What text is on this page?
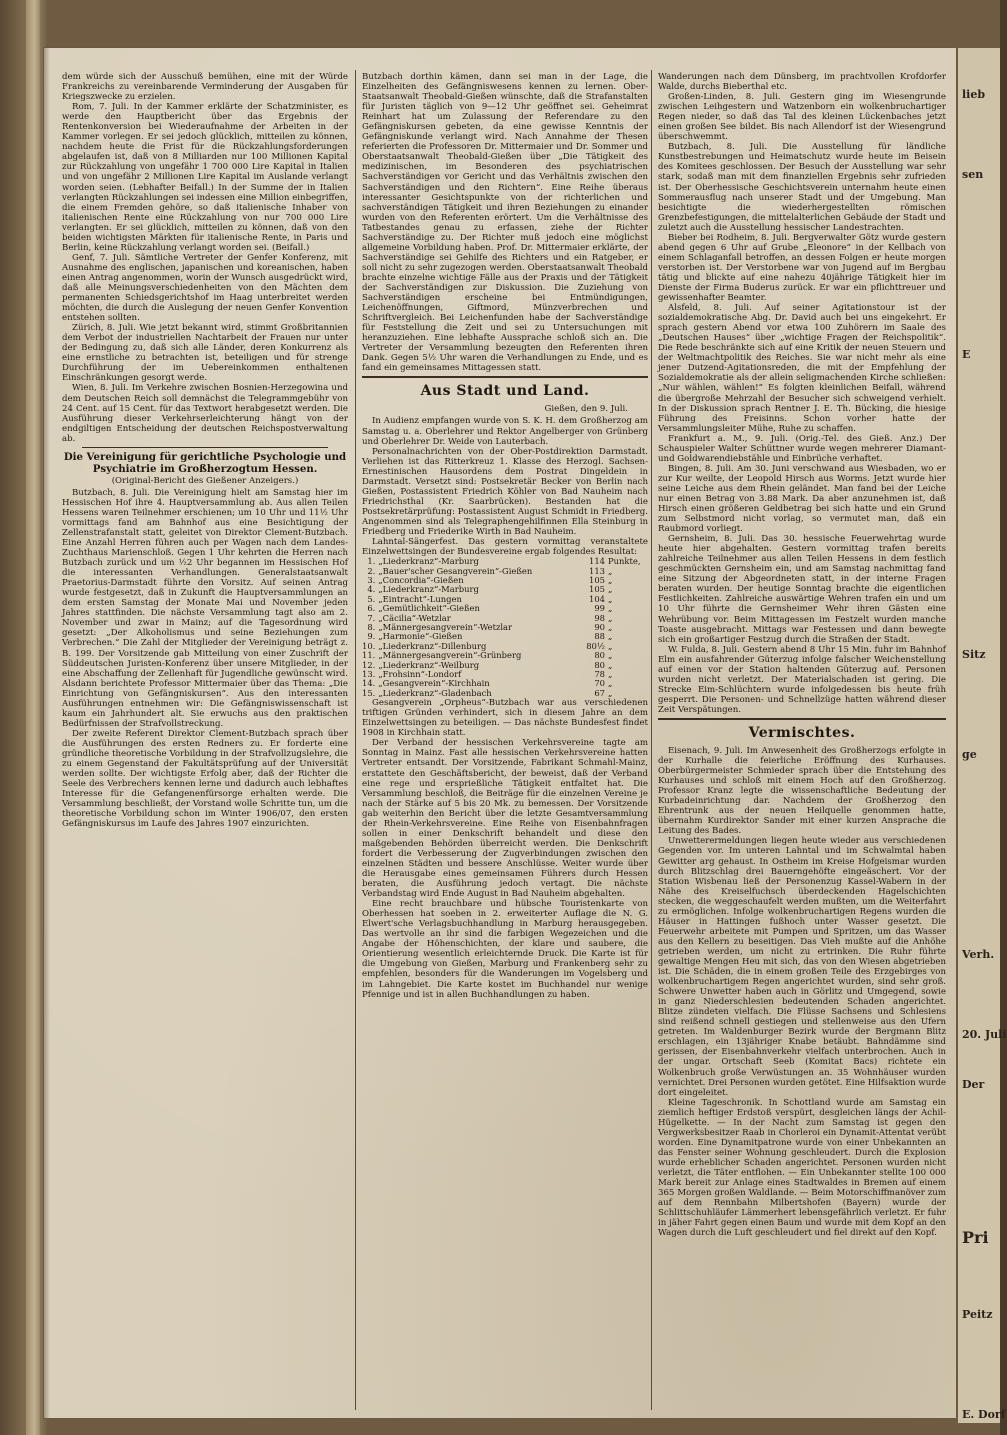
dem würde sich der Ausschuß bemühen, eine mit der Würde Frankreichs zu vereinbarende Verminderung der Ausgaben für Kriegszwecke zu erzielen.

Rom, 7. Juli. In der Kammer erklärte der Schatzminister, es werde den Hauptbericht über das Ergebnis der Rentenkonversion bei Wiederaufnahme der Arbeiten in der Kammer vorlegen. Er sei jedoch glücklich, mitteilen zu können, nachdem heute die Frist für die Rückzahlungsforderungen abgelaufen ist, daß von 8 Milliarden nur 100 Millionen Kapital zur Rückzahlung von ungefähr 1 700 000 Lire Kapital in Italien und von ungefähr 2 Millionen Lire Kapital im Auslande verlangt worden seien. (Lebhafter Beifall.) In der Summe der in Italien verlangten Rückzahlungen sei indessen eine Million einbegriffen, die einem Fremden gehöre, so daß italienische Inhaber von italienischen Rente eine Rückzahlung von nur 700 000 Lire verlangten. Er sei glücklich, mitteilen zu können, daß von den beiden wichtigsten Märkten für italienische Rente, in Paris und Berlin, keine Rückzahlung verlangt worden sei. (Beifall.)

Genf, 7. Juli. Sämtliche Vertreter der Genfer Konferenz, mit Ausnahme des englischen, japanischen und koreanischen, haben einen Antrag angenommen, worin der Wunsch ausgedrückt wird, daß alle Meinungsverschiedenheiten von den Mächten dem permanenten Schiedsgerichtshof im Haag unterbreitet werden möchten, die durch die Auslegung der neuen Genfer Konvention entstehen sollten.

Zürich, 8. Juli. Wie jetzt bekannt wird, stimmt Großbritannien dem Verbot der industriellen Nachtarbeit der Frauen nur unter der Bedingung zu, daß sich alle Länder, deren Konkurrenz als eine ernstliche zu betrachten ist, beteiligen und für strenge Durchführung der im Uebereinkommen enthaltenen Einschränkungen gesorgt werde.

Wien, 8. Juli. Im Verkehre zwischen Bosnien-Herzegowina und dem Deutschen Reich soll demnächst die Telegrammgebühr von 24 Cent. auf 15 Cent. für das Textwort herabgesetzt werden. Die Ausführung dieser Verkehrserleichterung hängt von der endgiltigen Entscheidung der deutschen Reichspostverwaltung ab.

Die Vereinigung für gerichtliche Psychologie und Psychiatrie im Großherzogtum Hessen.

(Original-Bericht des Gießener Anzeigers.)

Butzbach, 8. Juli. Die Vereinigung hielt am Samstag hier im Hessischen Hof ihre 4. Hauptversammlung ab. Aus allen Teilen Hessens waren Teilnehmer erschienen; um 10 Uhr und 11½ Uhr vormittags fand am Bahnhof aus eine Besichtigung der Zellenstrafanstalt statt, geleitet von Direktor Clement-Butzbach. Eine Anzahl Herren führen auch per Wagen nach dem Landes-Zuchthaus Marienschloß. Gegen 1 Uhr kehrten die Herren nach Butzbach zurück und um ½2 Uhr begannen im Hessischen Hof die interessanten Verhandlungen. Generalstaatsanwalt Praetorius-Darmstadt führte den Vorsitz. Auf seinen Antrag wurde festgesetzt, daß in Zukunft die Hauptversammlungen an dem ersten Samstag der Monate Mai und November jeden Jahres stattfinden. Die nächste Versammlung tagt also am 2. November und zwar in Mainz; auf die Tagesordnung wird gesetzt: „Der Alkoholismus und seine Beziehungen zum Verbrechen.“ Die Zahl der Mitglieder der Vereinigung beträgt z. B. 199. Der Vorsitzende gab Mitteilung von einer Zuschrift der Süddeutschen Juristen-Konferenz über unsere Mitglieder, in der eine Abschaffung der Zellenhaft für Jugendliche gewünscht wird. Alsdann berichtete Professor Mittermaier über das Thema: „Die Einrichtung von Gefängniskursen“. Aus den interessanten Ausführungen entnehmen wir: Die Gefängniswissenschaft ist kaum ein Jahrhundert alt. Sie erwuchs aus den praktischen Bedürfnissen der Strafvollstreckung.

Der zweite Referent Direktor Clement-Butzbach sprach über die Ausführungen des ersten Redners zu. Er forderte eine gründliche theoretische Vorbildung in der Strafvollzugslehre, die zu einem Gegenstand der Fakultätsprüfung auf der Universität werden sollte. Der wichtigste Erfolg aber, daß der Richter die Seele des Verbrechers kennen lerne und dadurch auch lebhaftes Interesse für die Gefangenenfürsorge erhalten werde. Die Versammlung beschließt, der Vorstand wolle Schritte tun, um die theoretische Vorbildung schon im Winter 1906/07, den ersten Gefängniskursus im Laufe des Jahres 1907 einzurichten.

Butzbach dorthin kämen, dann sei man in der Lage, die Einzelheiten des Gefängniswesens kennen zu lernen. Ober-Staatsanwalt Theobald-Gießen wünschte, daß die Strafanstalten für Juristen täglich von 9—12 Uhr geöffnet sei. Geheimrat Reinhart hat um Zulassung der Referendare zu den Gefängniskursen gebeten, da eine gewisse Kenntnis der Gefängniskunde verlangt wird. Nach Annahme der Thesen referierten die Professoren Dr. Mittermaier und Dr. Sommer und Oberstaatsanwalt Theobald-Gießen über „Die Tätigkeit des medizinischen, im Besonderen des psychiatrischen Sachverständigen vor Gericht und das Verhältnis zwischen den Sachverständigen und den Richtern“. Eine Reihe überaus interessanter Gesichtspunkte von der richterlichen und sachverständigen Tätigkeit und ihren Beziehungen zu einander wurden von den Referenten erörtert. Um die Verhältnisse des Tatbestandes genau zu erfassen, ziehe der Richter Sachverständige zu. Der Richter muß jedoch eine möglichst allgemeine Vorbildung haben. Prof. Dr. Mittermaier erklärte, der Sachverständige sei Gehilfe des Richters und ein Ratgeber, er soll nicht zu sehr zugezogen werden. Oberstaatsanwalt Theobald brachte einzelne wichtige Fälle aus der Praxis und der Tätigkeit der Sachverständigen zur Diskussion. Die Zuziehung von Sachverständigen erscheine bei Entmündigungen, Leichenöffnungen, Giftmord, Münzverbrechen und Schriftvergleich. Bei Leichenfunden habe der Sachverständige für Feststellung die Zeit und sei zu Untersuchungen mit heranzuziehen. Eine lebhafte Aussprache schloß sich an. Die Vertreter der Versammlung bezeugten den Referenten ihren Dank. Gegen 5½ Uhr waren die Verhandlungen zu Ende, und es fand ein gemeinsames Mittagessen statt.

Aus Stadt und Land.

Gießen, den 9. Juli.

In Audienz empfangen wurde von S. K. H. dem Großherzog am Samstag u. a. Oberlehrer und Rektor Angelberger von Grünberg und Oberlehrer Dr. Weide von Lauterbach.

Personalnachrichten von der Ober-Postdirektion Darmstadt. Verliehen ist das Ritterkreuz 1. Klasse des Herzogl. Sachsen-Ernestinischen Hausordens dem Postrat Dingeldein in Darmstadt. Versetzt sind: Postsekretär Becker von Berlin nach Gießen, Postassistent Friedrich Köhler von Bad Nauheim nach Friedrichsthal (Kr. Saarbrücken). Bestanden hat die Postsekretärprüfung: Postassistent August Schmidt in Friedberg. Angenommen sind als Telegraphengehilfinnen Ella Steinburg in Friedberg und Friederike Wirth in Bad Nauheim.

Lahntal-Sängerfest. Das gestern vormittag veranstaltete Einzelwettsingen der Bundesvereine ergab folgendes Resultat:

1.	„Liederkranz“-Marburg	114	Punkte,
2.	„Bauer'scher Gesangverein“-Gießen	113	„
3.	„Concordia“-Gießen	105	„
4.	„Liederkranz“-Marburg	105	„
5.	„Eintracht“-Lungen	104	„
6.	„Gemütlichkeit“-Gießen	99	„
7.	„Cäcilia“-Wetzlar	98	„
8.	„Männergesangverein“-Wetzlar	90	„
9.	„Harmonie“-Gießen	88	„
10.	„Liederkranz“-Dillenburg	80½	„
11.	„Männergesangverein“-Grünberg	80	„
12.	„Liederkranz“-Weilburg	80	„
13.	„Frohsinn“-Londorf	78	„
14.	„Gesangverein“-Kirchhain	70	„
15.	„Liederkranz“-Gladenbach	67	„

Gesangverein „Orpheus“-Butzbach war aus verschiedenen triftigen Gründen verhindert, sich in diesem Jahre an dem Einzelwettsingen zu beteiligen. — Das nächste Bundesfest findet 1908 in Kirchhain statt.

Der Verband der hessischen Verkehrsvereine tagte am Sonntag in Mainz. Fast alle hessischen Verkehrsvereine hatten Vertreter entsandt. Der Vorsitzende, Fabrikant Schmahl-Mainz, erstattete den Geschäftsbericht, der beweist, daß der Verband eine rege und ersprießliche Tätigkeit entfaltet hat. Die Versammlung beschloß, die Beiträge für die einzelnen Vereine je nach der Stärke auf 5 bis 20 Mk. zu bemessen. Der Vorsitzende gab weiterhin den Bericht über die letzte Gesamtversammlung der Rhein-Verkehrsvereine. Eine Reihe von Eisenbahnfragen sollen in einer Denkschrift behandelt und diese den maßgebenden Behörden überreicht werden. Die Denkschrift fordert die Verbesserung der Zugverbindungen zwischen den einzelnen Städten und bessere Anschlüsse. Weiter wurde über die Herausgabe eines gemeinsamen Führers durch Hessen beraten, die Ausführung jedoch vertagt. Die nächste Verbandstag wird Ende August in Bad Nauheim abgehalten.

Eine recht brauchbare und hübsche Touristenkarte von Oberhessen hat soeben in 2. erweiterter Auflage die N. G. Elwert'sche Verlagsbuchhandlung in Marburg herausgegeben. Das wertvolle an ihr sind die farbigen Wegezeichen und die Angabe der Höhenschichten, der klare und saubere, die Orientierung wesentlich erleichternde Druck. Die Karte ist für die Umgebung von Gießen, Marburg und Frankenberg sehr zu empfehlen, besonders für die Wanderungen im Vogelsberg und im Lahngebiet. Die Karte kostet im Buchhandel nur wenige Pfennige und ist in allen Buchhandlungen zu haben.

Wanderungen nach dem Dünsberg, im prachtvollen Krofdorfer Walde, durchs Bieberthal etc.

Großen-Linden, 8. Juli. Gestern ging im Wiesengrunde zwischen Leihgestern und Watzenborn ein wolkenbruchartiger Regen nieder, so daß das Tal des kleinen Lückenbaches jetzt einen großen See bildet. Bis nach Allendorf ist der Wiesengrund überschwemmt.

Butzbach, 8. Juli. Die Ausstellung für ländliche Kunstbestrebungen und Heimatschutz wurde heute im Beisein des Komitees geschlossen. Der Besuch der Ausstellung war sehr stark, sodaß man mit dem finanziellen Ergebnis sehr zufrieden ist. Der Oberhessische Geschichtsverein unternahm heute einen Sommerausflug nach unserer Stadt und der Umgebung. Man besichtigte die wiederhergestellten römischen Grenzbefestigungen, die mittelalterlichen Gebäude der Stadt und zuletzt auch die Ausstellung hessischer Landestrachten.

Bieber bei Rodheim, 8. Juli. Bergverwalter Götz wurde gestern abend gegen 6 Uhr auf Grube „Eleonore“ in der Kellbach von einem Schlaganfall betroffen, an dessen Folgen er heute morgen verstorben ist. Der Verstorbene war von Jugend auf im Bergbau tätig und blickte auf eine nahezu 40jährige Tätigkeit hier im Dienste der Firma Buderus zurück. Er war ein pflichttreuer und gewissenhafter Beamter.

Alsfeld, 8. Juli. Auf seiner Agitationstour ist der sozialdemokratische Abg. Dr. David auch bei uns eingekehrt. Er sprach gestern Abend vor etwa 100 Zuhörern im Saale des „Deutschen Hauses“ über „wichtige Fragen der Reichspolitik“. Die Rede beschränkte sich auf eine Kritik der neuen Steuern und der Weltmachtpolitik des Reiches. Sie war nicht mehr als eine jener Dutzend-Agitationsreden, die mit der Empfehlung der Sozialdemokratie als der allein seligmachenden Kirche schließen: „Nur wählen, wählen!“ Es folgten kleinlichen Beifall, während die übergroße Mehrzahl der Besucher sich schweigend verhielt. In der Diskussion sprach Rentner J. E. Th. Bücking, die hiesige Führung des Freisinns. Schon vorher hatte der Versammlungsleiter Mühe, Ruhe zu schaffen.

Frankfurt a. M., 9. Juli. (Orig.-Tel. des Gieß. Anz.) Der Schauspieler Walter Schüttner wurde wegen mehrerer Diamant- und Goldwarendiebstähle und Einbrüche verhaftet.

Bingen, 8. Juli. Am 30. Juni verschwand aus Wiesbaden, wo er zur Kur weilte, der Leopold Hirsch aus Worms. Jetzt wurde hier seine Leiche aus dem Rhein geländet. Man fand bei der Leiche nur einen Betrag von 3.88 Mark. Da aber anzunehmen ist, daß Hirsch einen größeren Geldbetrag bei sich hatte und ein Grund zum Selbstmord nicht vorlag, so vermutet man, daß ein Raubmord vorliegt.

Gernsheim, 8. Juli. Das 30. hessische Feuerwehrtag wurde heute hier abgehalten. Gestern vormittag trafen bereits zahlreiche Teilnehmer aus allen Teilen Hessens in dem festlich geschmückten Gernsheim ein, und am Samstag nachmittag fand eine Sitzung der Abgeordneten statt, in der interne Fragen beraten wurden. Der heutige Sonntag brachte die eigentlichen Festlichkeiten. Zahlreiche auswärtige Wehren trafen ein und um 10 Uhr führte die Gernsheimer Wehr ihren Gästen eine Wehrübung vor. Beim Mittagessen im Festzelt wurden manche Toaste ausgebracht. Mittags war Festessen und dann bewegte sich ein großartiger Festzug durch die Straßen der Stadt.

W. Fulda, 8. Juli. Gestern abend 8 Uhr 15 Min. fuhr im Bahnhof Elm ein ausfahrender Güterzug infolge falscher Weichenstellung auf einen vor der Station haltenden Güterzug auf. Personen wurden nicht verletzt. Der Materialschaden ist gering. Die Strecke Eim-Schlüchtern wurde infolgedessen bis heute früh gesperrt. Die Personen- und Schnellzüge hatten während dieser Zeit Verspätungen.

Vermischtes.

Eisenach, 9. Juli. Im Anwesenheit des Großherzogs erfolgte in der Kurhalle die feierliche Eröffnung des Kurhauses. Oberbürgermeister Schmieder sprach über die Entstehung des Kurhauses und schloß mit einem Hoch auf den Großherzog. Professor Kranz legte die wissenschaftliche Bedeutung der Kurbadeinrichtung dar. Nachdem der Großherzog den Ehrentrunk aus der neuen Heilquelle genommen hatte, übernahm Kurdirektor Sander mit einer kurzen Ansprache die Leitung des Bades.

Unwetterermeldungen liegen heute wieder aus verschiedenen Gegenden vor. Im unteren Lahntal und im Schwalmtal haben Gewitter arg gehaust. In Ostheim im Kreise Hofgeismar wurden durch Blitzschlag drei Bauerngehöfte eingeäschert. Vor der Station Wisbenau ließ der Personenzug Kassel-Wabern in der Nähe des Kreiselfuchsch überdeckenden Hagelschichten stecken, die weggeschaufelt werden mußten, um die Weiterfahrt zu ermöglichen. Infolge wolkenbruchartigen Regens wurden die Häuser in Hattingen fußhoch unter Wasser gesetzt. Die Feuerwehr arbeitete mit Pumpen und Spritzen, um das Wasser aus den Kellern zu beseitigen. Das Vieh mußte auf die Anhöhe getrieben werden, um nicht zu ertrinken. Die Ruhr führte gewaltige Mengen Heu mit sich, das von den Wiesen abgetrieben ist. Die Schäden, die in einem großen Teile des Erzgebirges von wolkenbruchartigem Regen angerichtet wurden, sind sehr groß. Schwere Unwetter haben auch in Görlitz und Umgegend, sowie in ganz Niederschlesien bedeutenden Schaden angerichtet. Blitze zündeten vielfach. Die Flüsse Sachsens und Schlesiens sind reißend schnell gestiegen und stellenweise aus den Ufern getreten. Im Waldenburger Bezirk wurde der Bergmann Blitz erschlagen, ein 13jähriger Knabe betäubt. Bahndämme sind gerissen, der Eisenbahnverkehr vielfach unterbrochen. Auch in der ungar. Ortschaft Seeb (Komitat Bacs) richtete ein Wolkenbruch große Verwüstungen an. 35 Wohnhäuser wurden vernichtet. Drei Personen wurden getötet. Eine Hilfsaktion wurde dort eingeleitet.

Kleine Tageschronik. In Schottland wurde am Samstag ein ziemlich heftiger Erdstoß verspürt, desgleichen längs der Achil-Hügelkette. — In der Nacht zum Samstag ist gegen den Vergwerksbesitzer Raab in Chorleroi ein Dynamit-Attentat verübt worden. Eine Dynamitpatrone wurde von einer Unbekannten an das Fenster seiner Wohnung geschleudert. Durch die Explosion wurde erheblicher Schaden angerichtet. Personen wurden nicht verletzt, die Täter entflohen. — Ein Unbekannter stellte 100 000 Mark bereit zur Anlage eines Stadtwaldes in Bremen auf einem 365 Morgen großen Waldlande. — Beim Motorschiffmanöver zum auf dem Rennbahn Milbertshofen (Bayern) wurde der Schlittschuhläufer Lämmerhert lebensgefährlich verletzt. Er fuhr in jäher Fahrt gegen einen Baum und wurde mit dem Kopf an den Wagen durch die Luft geschleudert und fiel direkt auf den Kopf.

lieb
sen
E
Sitz
ge
Verh.
20. Juli
Der
Pri
Peitz
E. Dorf
